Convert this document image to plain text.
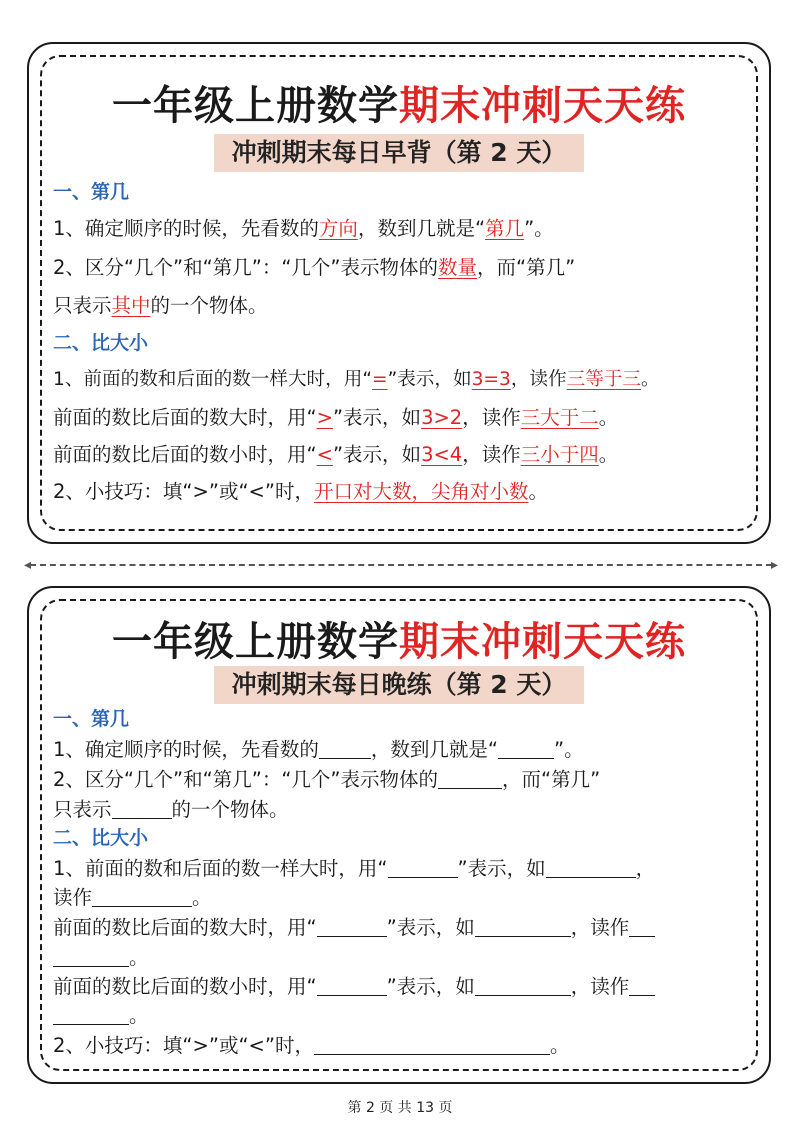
一年级上册数学期末冲刺天天练
冲刺期末每日早背（第 2 天）
一、第几
1、确定顺序的时候，先看数的方向，数到几就是“第几”。
2、区分“几个”和“第几”：“几个”表示物体的数量，而“第几”
只表示其中的一个物体。
二、比大小
1、前面的数和后面的数一样大时，用“=”表示，如3=3，读作三等于三。
前面的数比后面的数大时，用“>”表示，如3>2，读作三大于二。
前面的数比后面的数小时，用“<”表示，如3<4，读作三小于四。
2、小技巧：填“>”或“<”时，开口对大数，尖角对小数。
◂	▸
一年级上册数学期末冲刺天天练
冲刺期末每日晚练（第 2 天）
一、第几
1、确定顺序的时候，先看数的	，数到几就是“	”。
2、区分“几个”和“第几”：“几个”表示物体的	，而“第几”
只表示	的一个物体。
二、比大小
1、前面的数和后面的数一样大时，用“	”表示，如	，
读作	。
前面的数比后面的数大时，用“	”表示，如	，读作
。
前面的数比后面的数小时，用“	”表示，如	，读作
。
2、小技巧：填“>”或“<”时，	。
第 2 页 共 13 页
